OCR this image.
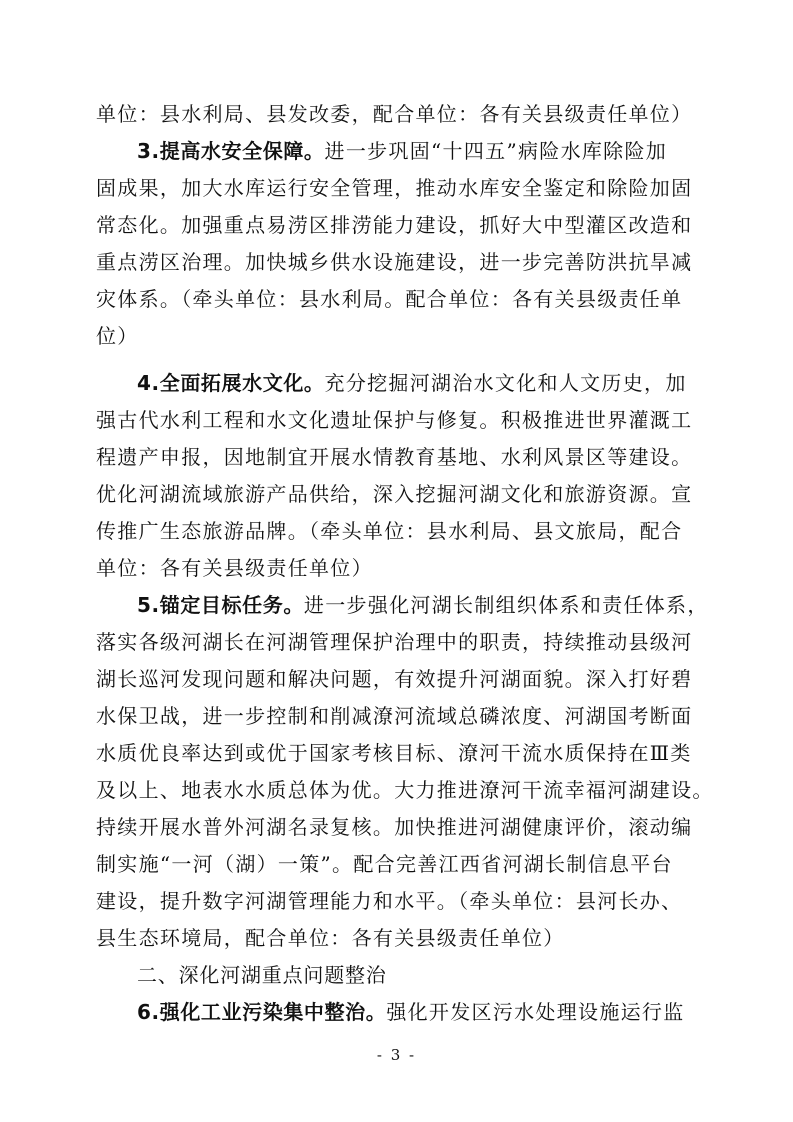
单位：县水利局、县发改委，配合单位：各有关县级责任单位）
3.提高水安全保障。进一步巩固“十四五”病险水库除险加
固成果，加大水库运行安全管理，推动水库安全鉴定和除险加固
常态化。加强重点易涝区排涝能力建设，抓好大中型灌区改造和
重点涝区治理。加快城乡供水设施建设，进一步完善防洪抗旱减
灾体系。（牵头单位：县水利局。配合单位：各有关县级责任单
位）
4.全面拓展水文化。充分挖掘河湖治水文化和人文历史，加
强古代水利工程和水文化遗址保护与修复。积极推进世界灌溉工
程遗产申报，因地制宜开展水情教育基地、水利风景区等建设。
优化河湖流域旅游产品供给，深入挖掘河湖文化和旅游资源。宣
传推广生态旅游品牌。（牵头单位：县水利局、县文旅局，配合
单位：各有关县级责任单位）
5.锚定目标任务。进一步强化河湖长制组织体系和责任体系，
落实各级河湖长在河湖管理保护治理中的职责，持续推动县级河
湖长巡河发现问题和解决问题，有效提升河湖面貌。深入打好碧
水保卫战，进一步控制和削减潦河流域总磷浓度、河湖国考断面
水质优良率达到或优于国家考核目标、潦河干流水质保持在Ⅲ类
及以上、地表水水质总体为优。大力推进潦河干流幸福河湖建设。
持续开展水普外河湖名录复核。加快推进河湖健康评价，滚动编
制实施“一河（湖）一策”。配合完善江西省河湖长制信息平台
建设，提升数字河湖管理能力和水平。（牵头单位：县河长办、
县生态环境局，配合单位：各有关县级责任单位）
二、深化河湖重点问题整治
6.强化工业污染集中整治。强化开发区污水处理设施运行监
- 3 -
